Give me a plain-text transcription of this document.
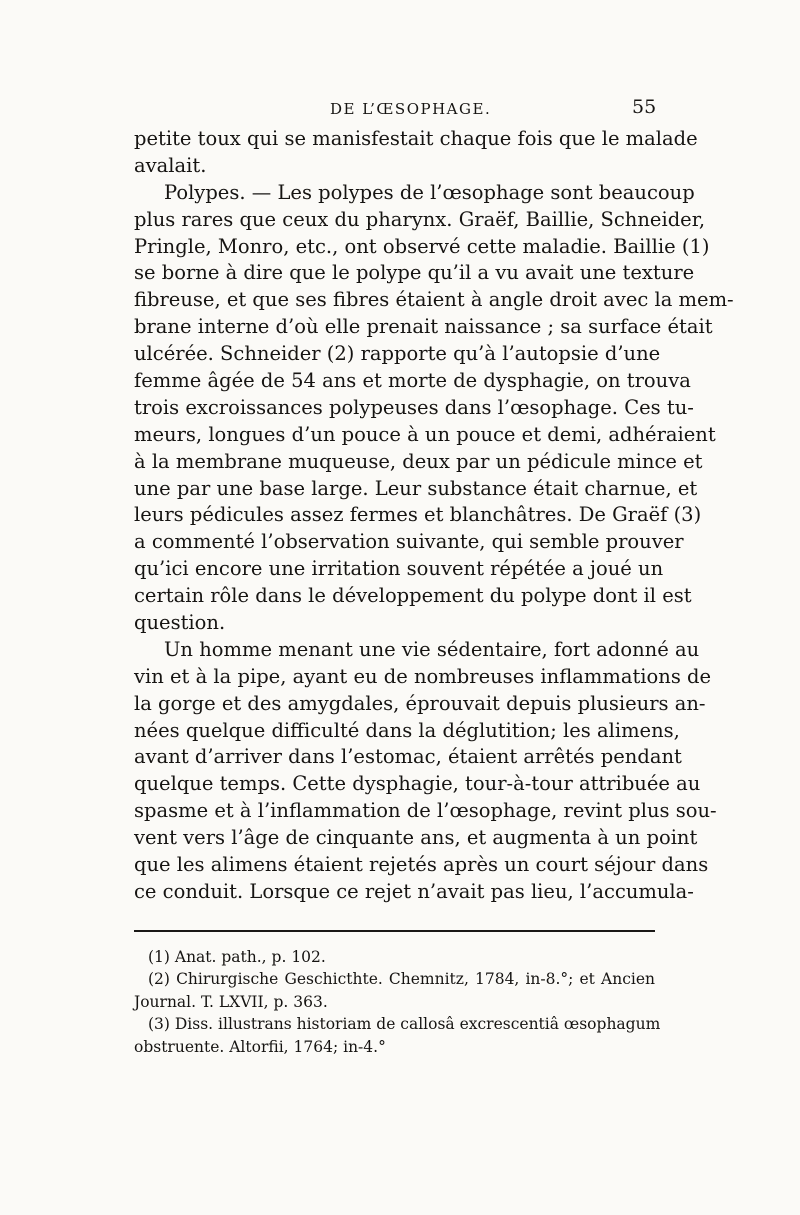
DE L’ŒSOPHAGE.	55
petite toux qui se manisfestait chaque fois que le malade
avalait.
Polypes. — Les polypes de l’œsophage sont beaucoup
plus rares que ceux du pharynx. Graëf, Baillie, Schneider,
Pringle, Monro, etc., ont observé cette maladie. Baillie (1)
se borne à dire que le polype qu’il a vu avait une texture
fibreuse, et que ses fibres étaient à angle droit avec la mem-
brane interne d’où elle prenait naissance ; sa surface était
ulcérée. Schneider (2) rapporte qu’à l’autopsie d’une
femme âgée de 54 ans et morte de dysphagie, on trouva
trois excroissances polypeuses dans l’œsophage. Ces tu-
meurs, longues d’un pouce à un pouce et demi, adhéraient
à la membrane muqueuse, deux par un pédicule mince et
une par une base large. Leur substance était charnue, et
leurs pédicules assez fermes et blanchâtres. De Graëf (3)
a commenté l’observation suivante, qui semble prouver
qu’ici encore une irritation souvent répétée a joué un
certain rôle dans le développement du polype dont il est
question.
Un homme menant une vie sédentaire, fort adonné au
vin et à la pipe, ayant eu de nombreuses inflammations de
la gorge et des amygdales, éprouvait depuis plusieurs an-
nées quelque difficulté dans la déglutition; les alimens,
avant d’arriver dans l’estomac, étaient arrêtés pendant
quelque temps. Cette dysphagie, tour-à-tour attribuée au
spasme et à l’inflammation de l’œsophage, revint plus sou-
vent vers l’âge de cinquante ans, et augmenta à un point
que les alimens étaient rejetés après un court séjour dans
ce conduit. Lorsque ce rejet n’avait pas lieu, l’accumula-
(1) Anat. path., p. 102.
(2) Chirurgische Geschicthte. Chemnitz, 1784, in-8.°; et Ancien
Journal. T. LXVII, p. 363.
(3) Diss. illustrans historiam de callosâ excrescentiâ œsophagum
obstruente. Altorfii, 1764; in-4.°
